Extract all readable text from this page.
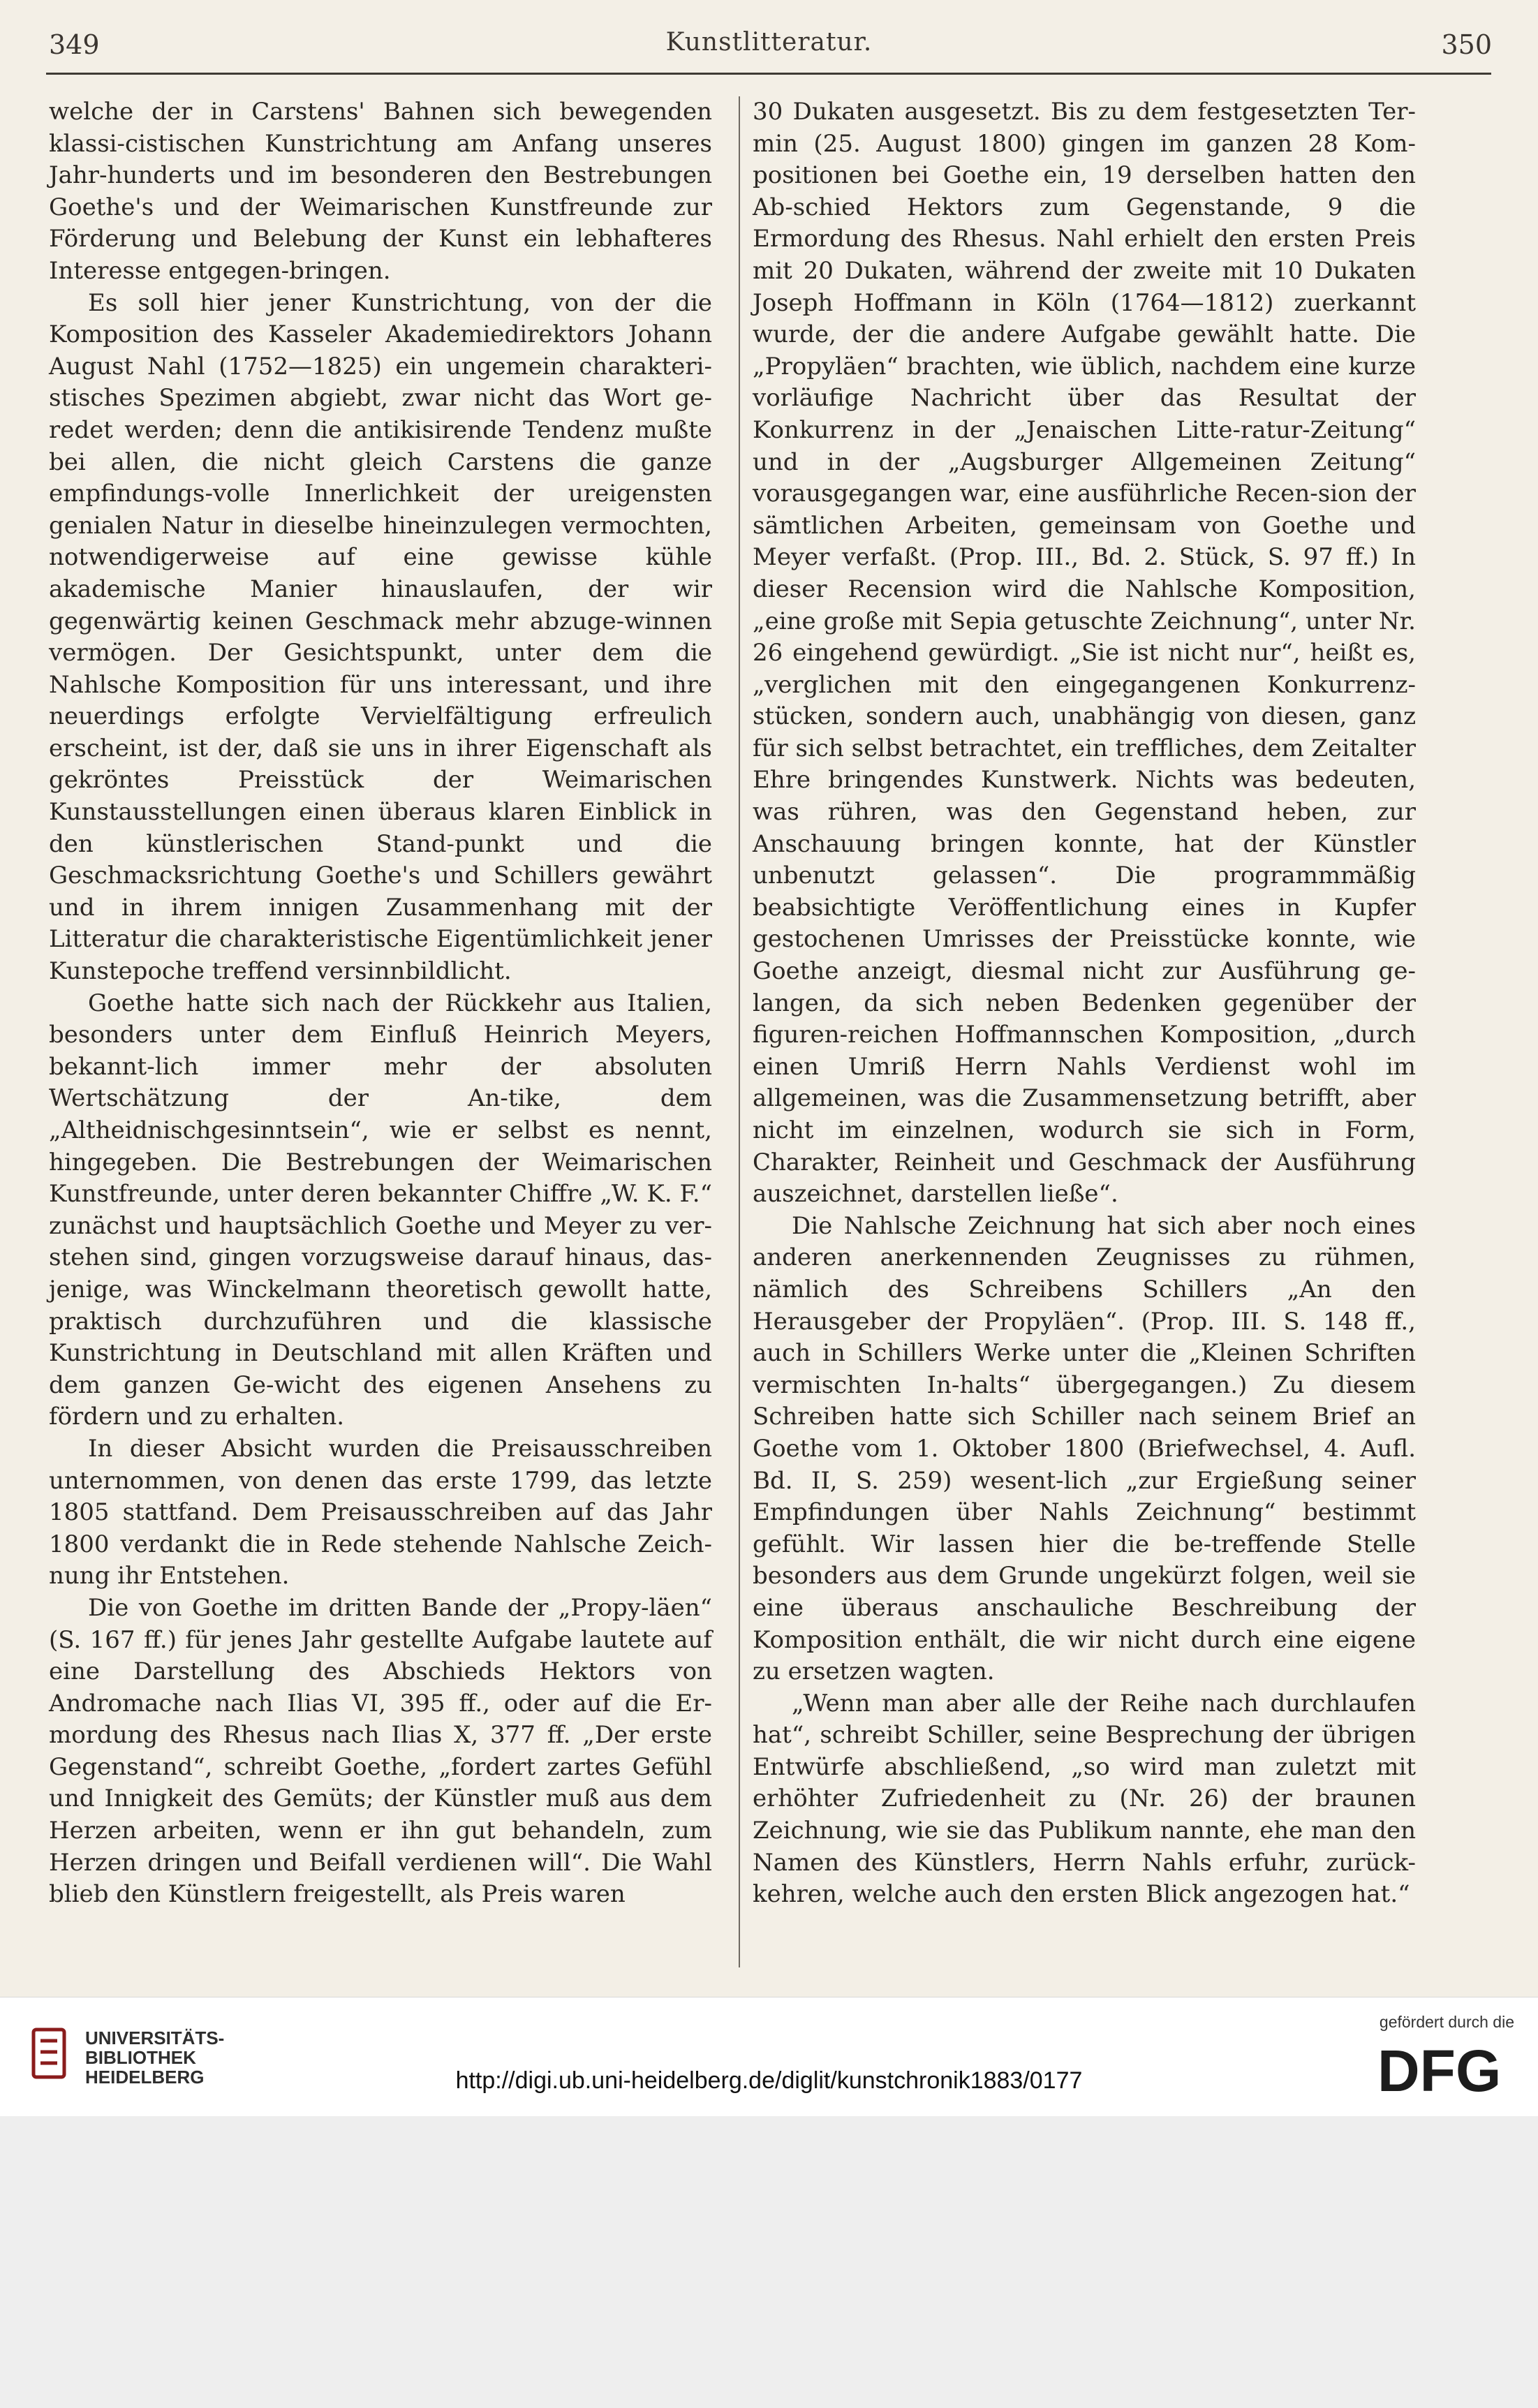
349	Kunstlitteratur.	350

welche der in Carstens' Bahnen sich bewegenden klassi-cistischen Kunstrichtung am Anfang unseres Jahr-hunderts und im besonderen den Bestrebungen Goethe's und der Weimarischen Kunstfreunde zur Förderung und Belebung der Kunst ein lebhafteres Interesse entgegen-bringen.

Es soll hier jener Kunstrichtung, von der die Komposition des Kasseler Akademiedirektors Johann August Nahl (1752—1825) ein ungemein charakteri-stisches Spezimen abgiebt, zwar nicht das Wort ge-redet werden; denn die antikisirende Tendenz mußte bei allen, die nicht gleich Carstens die ganze empfindungs-volle Innerlichkeit der ureigensten genialen Natur in dieselbe hineinzulegen vermochten, notwendigerweise auf eine gewisse kühle akademische Manier hinauslaufen, der wir gegenwärtig keinen Geschmack mehr abzuge-winnen vermögen. Der Gesichtspunkt, unter dem die Nahlsche Komposition für uns interessant, und ihre neuerdings erfolgte Vervielfältigung erfreulich erscheint, ist der, daß sie uns in ihrer Eigenschaft als gekröntes Preisstück der Weimarischen Kunstausstellungen einen überaus klaren Einblick in den künstlerischen Stand-punkt und die Geschmacksrichtung Goethe's und Schillers gewährt und in ihrem innigen Zusammenhang mit der Litteratur die charakteristische Eigentümlichkeit jener Kunstepoche treffend versinnbildlicht.

Goethe hatte sich nach der Rückkehr aus Italien, besonders unter dem Einfluß Heinrich Meyers, bekannt-lich immer mehr der absoluten Wertschätzung der An-tike, dem „Altheidnischgesinntsein“, wie er selbst es nennt, hingegeben. Die Bestrebungen der Weimarischen Kunstfreunde, unter deren bekannter Chiffre „W. K. F.“ zunächst und hauptsächlich Goethe und Meyer zu ver-stehen sind, gingen vorzugsweise darauf hinaus, das-jenige, was Winckelmann theoretisch gewollt hatte, praktisch durchzuführen und die klassische Kunstrichtung in Deutschland mit allen Kräften und dem ganzen Ge-wicht des eigenen Ansehens zu fördern und zu erhalten.

In dieser Absicht wurden die Preisausschreiben unternommen, von denen das erste 1799, das letzte 1805 stattfand. Dem Preisausschreiben auf das Jahr 1800 verdankt die in Rede stehende Nahlsche Zeich-nung ihr Entstehen.

Die von Goethe im dritten Bande der „Propy-läen“ (S. 167 ff.) für jenes Jahr gestellte Aufgabe lautete auf eine Darstellung des Abschieds Hektors von Andromache nach Ilias VI, 395 ff., oder auf die Er-mordung des Rhesus nach Ilias X, 377 ff. „Der erste Gegenstand“, schreibt Goethe, „fordert zartes Gefühl und Innigkeit des Gemüts; der Künstler muß aus dem Herzen arbeiten, wenn er ihn gut behandeln, zum Herzen dringen und Beifall verdienen will“. Die Wahl blieb den Künstlern freigestellt, als Preis waren

30 Dukaten ausgesetzt. Bis zu dem festgesetzten Ter-min (25. August 1800) gingen im ganzen 28 Kom-positionen bei Goethe ein, 19 derselben hatten den Ab-schied Hektors zum Gegenstande, 9 die Ermordung des Rhesus. Nahl erhielt den ersten Preis mit 20 Dukaten, während der zweite mit 10 Dukaten Joseph Hoffmann in Köln (1764—1812) zuerkannt wurde, der die andere Aufgabe gewählt hatte. Die „Propyläen“ brachten, wie üblich, nachdem eine kurze vorläufige Nachricht über das Resultat der Konkurrenz in der „Jenaischen Litte-ratur-Zeitung“ und in der „Augsburger Allgemeinen Zeitung“ vorausgegangen war, eine ausführliche Recen-sion der sämtlichen Arbeiten, gemeinsam von Goethe und Meyer verfaßt. (Prop. III., Bd. 2. Stück, S. 97 ff.) In dieser Recension wird die Nahlsche Komposition, „eine große mit Sepia getuschte Zeichnung“, unter Nr. 26 eingehend gewürdigt. „Sie ist nicht nur“, heißt es, „verglichen mit den eingegangenen Konkurrenz-stücken, sondern auch, unabhängig von diesen, ganz für sich selbst betrachtet, ein treffliches, dem Zeitalter Ehre bringendes Kunstwerk. Nichts was bedeuten, was rühren, was den Gegenstand heben, zur Anschauung bringen konnte, hat der Künstler unbenutzt gelassen“. Die programmmäßig beabsichtigte Veröffentlichung eines in Kupfer gestochenen Umrisses der Preisstücke konnte, wie Goethe anzeigt, diesmal nicht zur Ausführung ge-langen, da sich neben Bedenken gegenüber der figuren-reichen Hoffmannschen Komposition, „durch einen Umriß Herrn Nahls Verdienst wohl im allgemeinen, was die Zusammensetzung betrifft, aber nicht im einzelnen, wodurch sie sich in Form, Charakter, Reinheit und Geschmack der Ausführung auszeichnet, darstellen ließe“.

Die Nahlsche Zeichnung hat sich aber noch eines anderen anerkennenden Zeugnisses zu rühmen, nämlich des Schreibens Schillers „An den Herausgeber der Propyläen“. (Prop. III. S. 148 ff., auch in Schillers Werke unter die „Kleinen Schriften vermischten In-halts“ übergegangen.) Zu diesem Schreiben hatte sich Schiller nach seinem Brief an Goethe vom 1. Oktober 1800 (Briefwechsel, 4. Aufl. Bd. II, S. 259) wesent-lich „zur Ergießung seiner Empfindungen über Nahls Zeichnung“ bestimmt gefühlt. Wir lassen hier die be-treffende Stelle besonders aus dem Grunde ungekürzt folgen, weil sie eine überaus anschauliche Beschreibung der Komposition enthält, die wir nicht durch eine eigene zu ersetzen wagten.

„Wenn man aber alle der Reihe nach durchlaufen hat“, schreibt Schiller, seine Besprechung der übrigen Entwürfe abschließend, „so wird man zuletzt mit erhöhter Zufriedenheit zu (Nr. 26) der braunen Zeichnung, wie sie das Publikum nannte, ehe man den Namen des Künstlers, Herrn Nahls erfuhr, zurück-kehren, welche auch den ersten Blick angezogen hat.“

UNIVERSITÄTS-
BIBLIOTHEK
HEIDELBERG	http://digi.ub.uni-heidelberg.de/diglit/kunstchronik1883/0177
gefördert durch die
DFG
